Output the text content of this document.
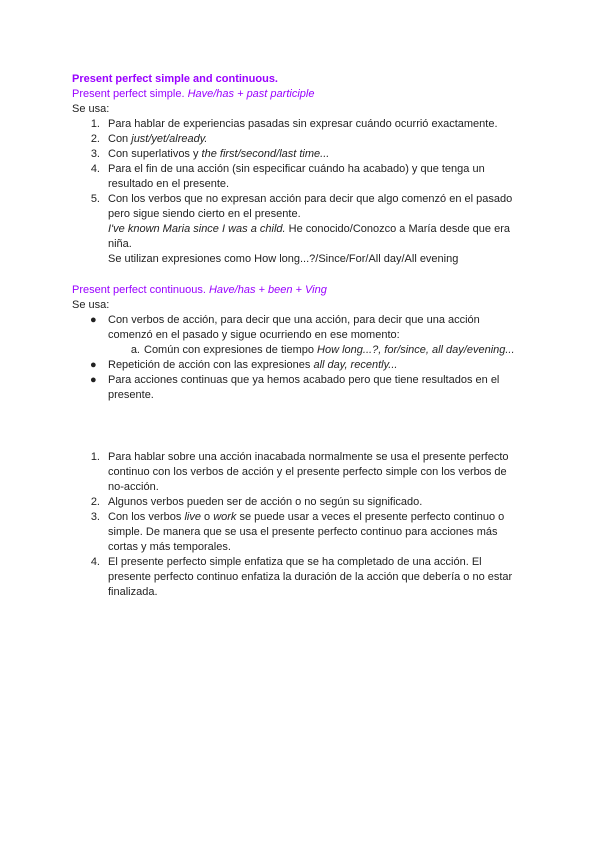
Present perfect simple and continuous.
Present perfect simple. Have/has + past participle
Se usa:
1. Para hablar de experiencias pasadas sin expresar cuándo ocurrió exactamente.
2. Con just/yet/already.
3. Con superlativos y the first/second/last time...
4. Para el fin de una acción (sin especificar cuándo ha acabado) y que tenga un
resultado en el presente.
5. Con los verbos que no expresan acción para decir que algo comenzó en el pasado
pero sigue siendo cierto en el presente.
I've known Maria since I was a child. He conocido/Conozco a María desde que era
niña.
Se utilizan expresiones como How long...?/Since/For/All day/All evening
Present perfect continuous. Have/has + been + Ving
Se usa:
● Con verbos de acción, para decir que una acción, para decir que una acción
comenzó en el pasado y sigue ocurriendo en ese momento:
a. Común con expresiones de tiempo How long...?, for/since, all day/evening...
● Repetición de acción con las expresiones all day, recently...
● Para acciones continuas que ya hemos acabado pero que tiene resultados en el
presente.
1. Para hablar sobre una acción inacabada normalmente se usa el presente perfecto
continuo con los verbos de acción y el presente perfecto simple con los verbos de
no-acción.
2. Algunos verbos pueden ser de acción o no según su significado.
3. Con los verbos live o work se puede usar a veces el presente perfecto continuo o
simple. De manera que se usa el presente perfecto continuo para acciones más
cortas y más temporales.
4. El presente perfecto simple enfatiza que se ha completado de una acción. El
presente perfecto continuo enfatiza la duración de la acción que debería o no estar
finalizada.
